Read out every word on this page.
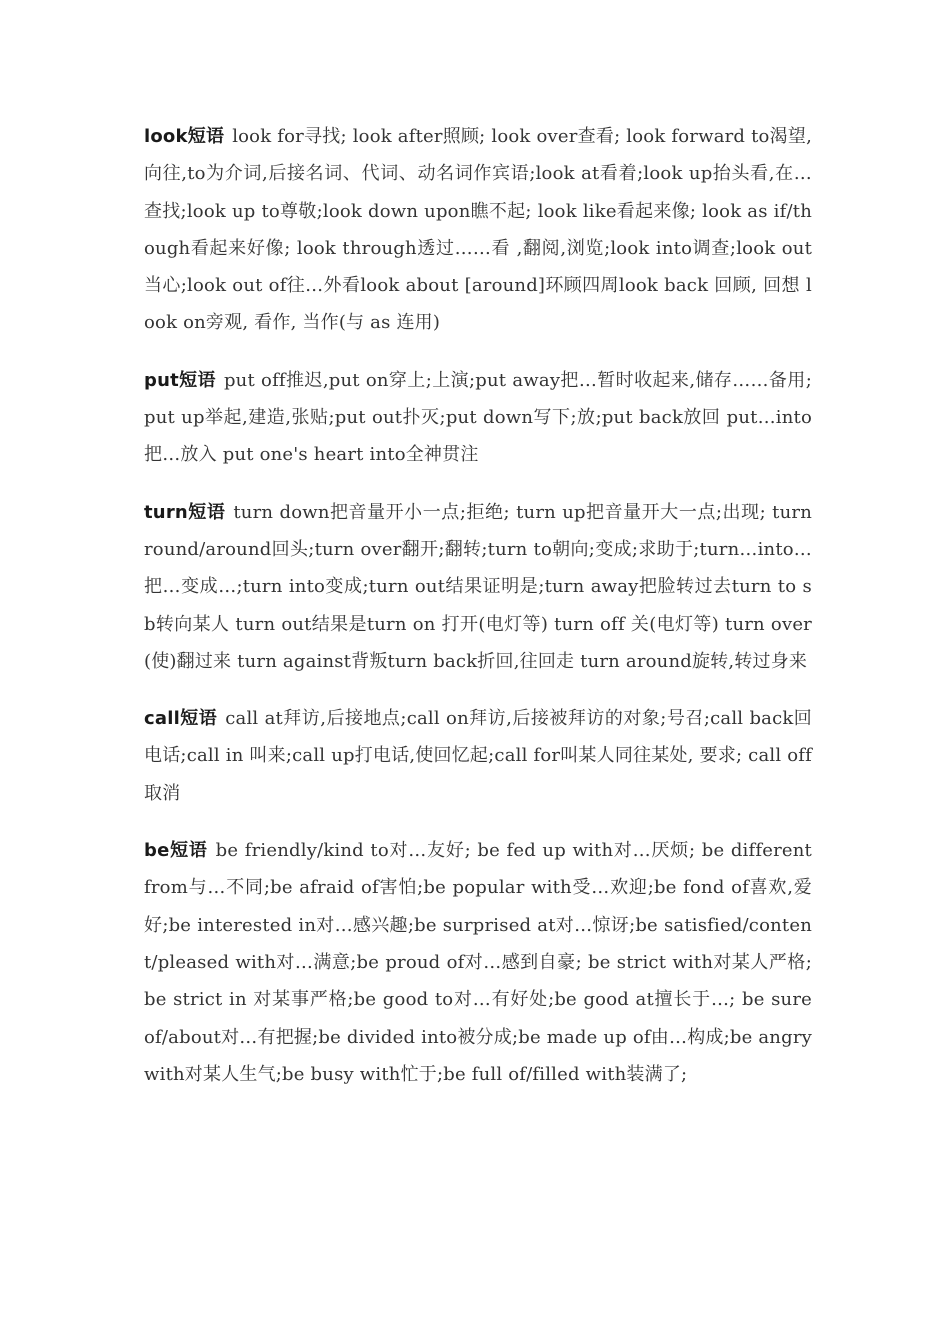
look短语 look for寻找; look after照顾; look over查看; look forward to渴望,向往,to为介词,后接名词、代词、动名词作宾语;look at看着;look up抬头看,在…查找;look up to尊敬;look down upon瞧不起; look like看起来像; look as if/though看起来好像; look through透过……看 ,翻阅,浏览;look into调查;look out当心;look out of往…外看look about [around]环顾四周look back 回顾, 回想 look on旁观, 看作, 当作(与 as 连用)

put短语 put off推迟,put on穿上;上演;put away把…暂时收起来,储存……备用;put up举起,建造,张贴;put out扑灭;put down写下;放;put back放回 put…into把…放入 put one's heart into全神贯注

turn短语 turn down把音量开小一点;拒绝; turn up把音量开大一点;出现; turn round/around回头;turn over翻开;翻转;turn to朝向;变成;求助于;turn…into…把…变成…;turn into变成;turn out结果证明是;turn away把脸转过去turn to sb转向某人 turn out结果是turn on 打开(电灯等) turn off 关(电灯等) turn over (使)翻过来 turn against背叛turn back折回,往回走 turn around旋转,转过身来

call短语 call at拜访,后接地点;call on拜访,后接被拜访的对象;号召;call back回电话;call in 叫来;call up打电话,使回忆起;call for叫某人同往某处, 要求; call off取消

be短语 be friendly/kind to对…友好; be fed up with对…厌烦; be different from与…不同;be afraid of害怕;be popular with受…欢迎;be fond of喜欢,爱好;be interested in对…感兴趣;be surprised at对…惊讶;be satisfied/content/pleased with对…满意;be proud of对…感到自豪; be strict with对某人严格; be strict in 对某事严格;be good to对…有好处;be good at擅长于…; be sure of/about对…有把握;be divided into被分成;be made up of由…构成;be angry with对某人生气;be busy with忙于;be full of/filled with装满了;
